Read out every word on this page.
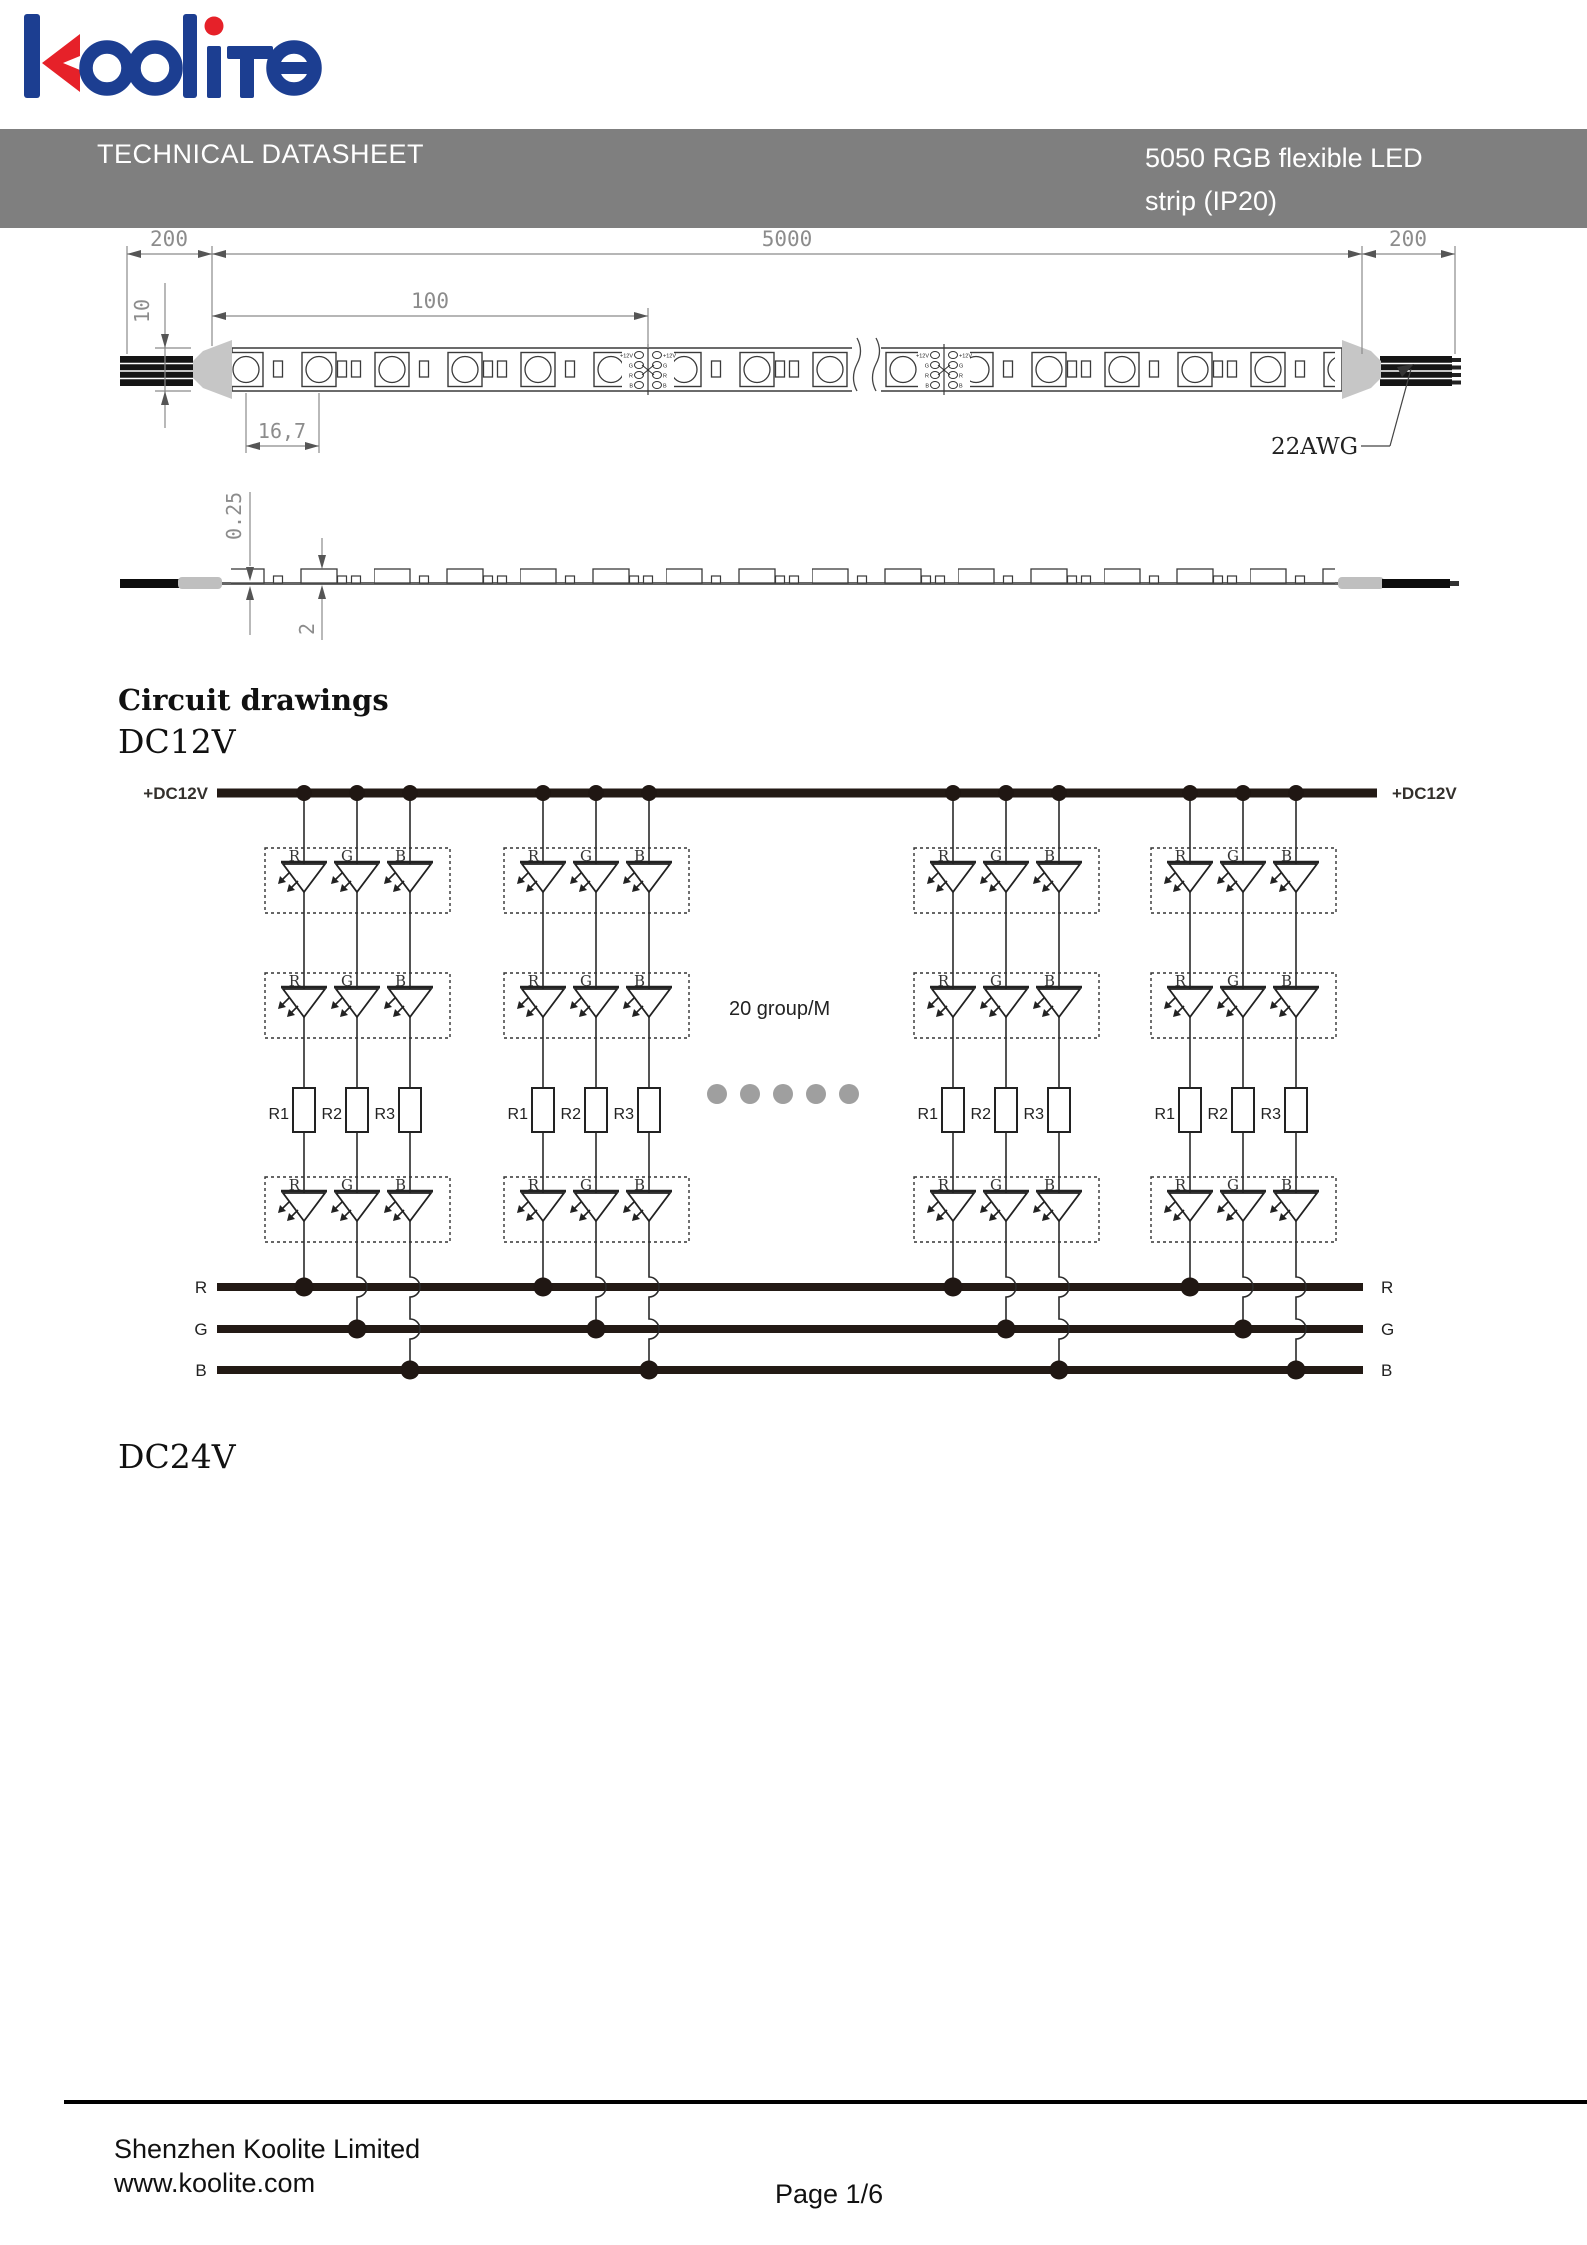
TECHNICAL DATASHEET	5050 RGB flexible LED
strip (IP20)
+12V
G
R
B
+12V
G
R
B
200	5000	200
100
10
16,7
22AWG
0.25
2
Circuit drawings
DC12V
DC24V
R	G	B
R1	R2	R3
+DC12V	+DC12V
20 group/M
R
G
B
R
G
B
Shenzhen Koolite Limited
www.koolite.com	Page 1/6
